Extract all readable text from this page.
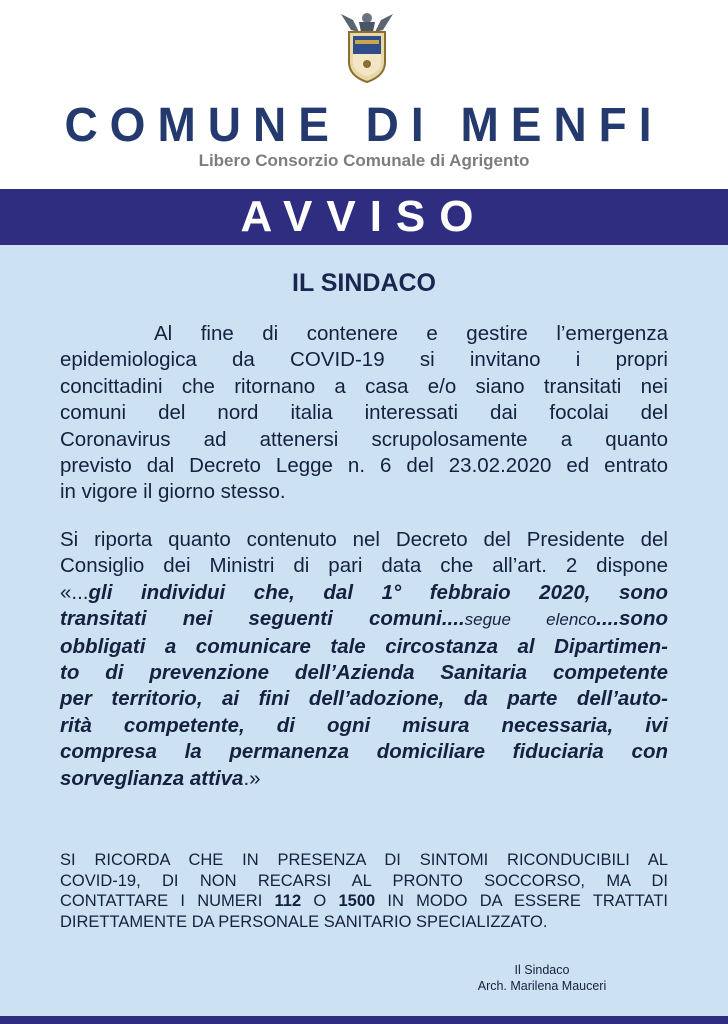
COMUNE DI MENFI
Libero Consorzio Comunale di Agrigento
AVVISO
IL SINDACO
Al fine di contenere e gestire l’emergenza
epidemiologica da COVID-19 si invitano i propri
concittadini che ritornano a casa e/o siano transitati nei
comuni del nord italia interessati dai focolai del
Coronavirus ad attenersi scrupolosamente a quanto
previsto dal Decreto Legge n. 6 del 23.02.2020 ed entrato
in vigore il giorno stesso.
Si riporta quanto contenuto nel Decreto del Presidente del
Consiglio dei Ministri di pari data che all’art. 2 dispone
«...gli individui che, dal 1° febbraio 2020, sono
transitati nei seguenti comuni....segue elenco....sono
obbligati a comunicare tale circostanza al Dipartimen-
to di prevenzione dell’Azienda Sanitaria competente
per territorio, ai fini dell’adozione, da parte dell’auto-
rità competente, di ogni misura necessaria, ivi
compresa la permanenza domiciliare fiduciaria con
sorveglianza attiva.»
SI RICORDA CHE IN PRESENZA DI SINTOMI RICONDUCIBILI AL
COVID-19, DI NON RECARSI AL PRONTO SOCCORSO, MA DI
CONTATTARE I NUMERI 112 O 1500 IN MODO DA ESSERE TRATTATI
DIRETTAMENTE DA PERSONALE SANITARIO SPECIALIZZATO.
Il Sindaco
Arch. Marilena Mauceri
